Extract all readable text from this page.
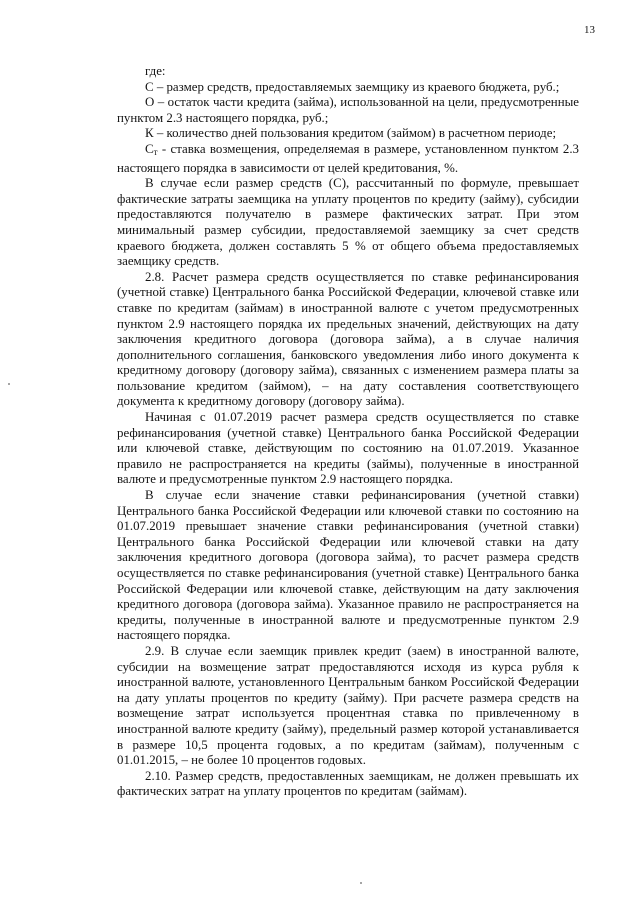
13

где:

С – размер средств, предоставляемых заемщику из краевого бюджета, руб.;

О – остаток части кредита (займа), использованной на цели, предусмотренные пунктом 2.3 настоящего порядка, руб.;

К – количество дней пользования кредитом (займом) в расчетном периоде;

$С_т$ - ставка возмещения, определяемая в размере, установленном пунктом 2.3 настоящего порядка в зависимости от целей кредитования, %.

В случае если размер средств (С), рассчитанный по формуле, превышает фактические затраты заемщика на уплату процентов по кредиту (займу), субсидии предоставляются получателю в размере фактических затрат. При этом минимальный размер субсидии, предоставляемой заемщику за счет средств краевого бюджета, должен составлять 5 % от общего объема предоставляемых заемщику средств.

2.8. Расчет размера средств осуществляется по ставке рефинансирования (учетной ставке) Центрального банка Российской Федерации, ключевой ставке или ставке по кредитам (займам) в иностранной валюте с учетом предусмотренных пунктом 2.9 настоящего порядка их предельных значений, действующих на дату заключения кредитного договора (договора займа), а в случае наличия дополнительного соглашения, банковского уведомления либо иного документа к кредитному договору (договору займа), связанных с изменением размера платы за пользование кредитом (займом), – на дату составления соответствующего документа к кредитному договору (договору займа).

Начиная с 01.07.2019 расчет размера средств осуществляется по ставке рефинансирования (учетной ставке) Центрального банка Российской Федерации или ключевой ставке, действующим по состоянию на 01.07.2019. Указанное правило не распространяется на кредиты (займы), полученные в иностранной валюте и предусмотренные пунктом 2.9 настоящего порядка.

В случае если значение ставки рефинансирования (учетной ставки) Центрального банка Российской Федерации или ключевой ставки по состоянию на 01.07.2019 превышает значение ставки рефинансирования (учетной ставки) Центрального банка Российской Федерации или ключевой ставки на дату заключения кредитного договора (договора займа), то расчет размера средств осуществляется по ставке рефинансирования (учетной ставке) Центрального банка Российской Федерации или ключевой ставке, действующим на дату заключения кредитного договора (договора займа). Указанное правило не распространяется на кредиты, полученные в иностранной валюте и предусмотренные пунктом 2.9 настоящего порядка.

2.9. В случае если заемщик привлек кредит (заем) в иностранной валюте, субсидии на возмещение затрат предоставляются исходя из курса рубля к иностранной валюте, установленного Центральным банком Российской Федерации на дату уплаты процентов по кредиту (займу). При расчете размера средств на возмещение затрат используется процентная ставка по привлеченному в иностранной валюте кредиту (займу), предельный размер которой устанавливается в размере 10,5 процента годовых, а по кредитам (займам), полученным с 01.01.2015, – не более 10 процентов годовых.

2.10. Размер средств, предоставленных заемщикам, не должен превышать их фактических затрат на уплату процентов по кредитам (займам).
